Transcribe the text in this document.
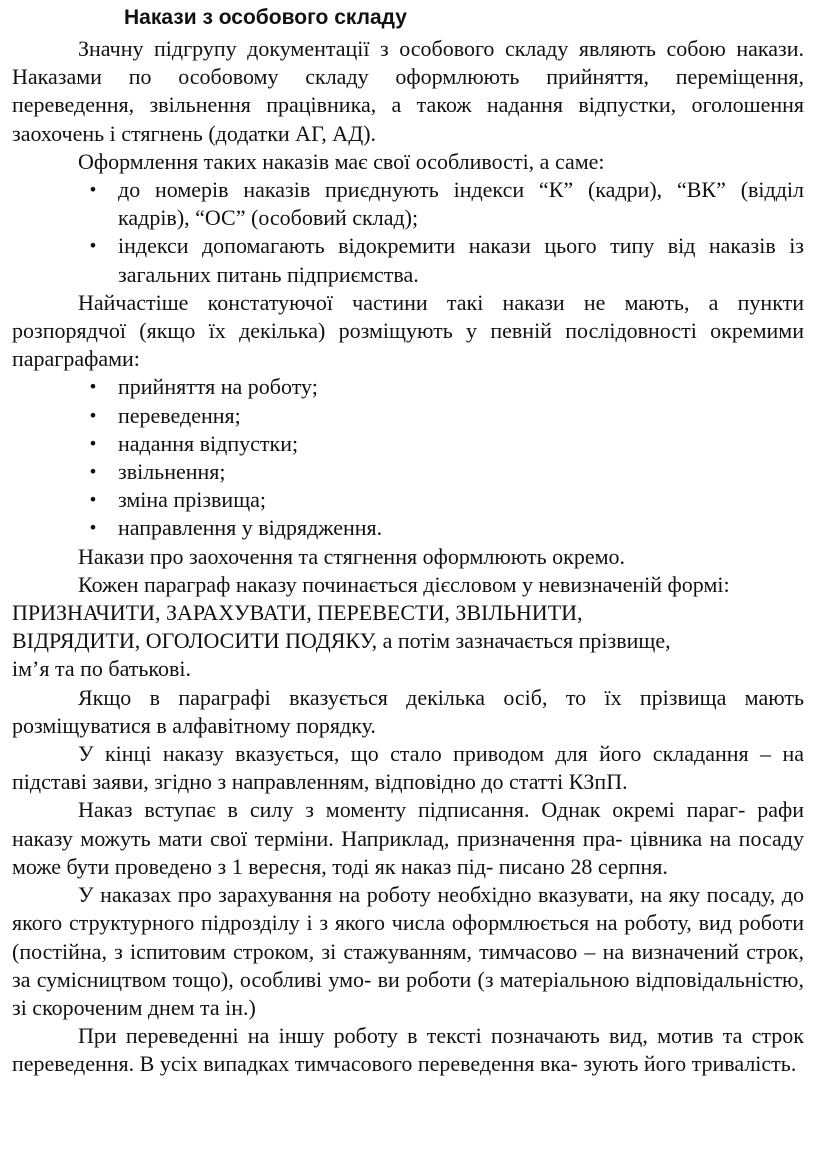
Накази з особового складу

Значну підгрупу документації з особового складу являють собою накази. Наказами по особовому складу оформлюють прийняття, переміщення, переведення, звільнення працівника, а також надання відпустки, оголошення заохочень і стягнень (додатки АГ, АД).

Оформлення таких наказів має свої особливості, а саме:

• до номерів наказів приєднують індекси “К” (кадри), “ВК” (відділ кадрів), “ОС” (особовий склад);
• індекси допомагають відокремити накази цього типу від наказів із загальних питань підприємства.

Найчастіше констатуючої частини такі накази не мають, а пункти розпорядчої (якщо їх декілька) розміщують у певній послідовності окремими параграфами:

• прийняття на роботу;
• переведення;
• надання відпустки;
• звільнення;
• зміна прізвища;
• направлення у відрядження.

Накази про заохочення та стягнення оформлюють окремо.

Кожен параграф наказу починається дієсловом у невизначеній формі:
ПРИЗНАЧИТИ, ЗАРАХУВАТИ, ПЕРЕВЕСТИ, ЗВІЛЬНИТИ,
ВІДРЯДИТИ, ОГОЛОСИТИ ПОДЯКУ, а потім зазначається прізвище,
ім’я та по батькові.

Якщо в параграфі вказується декілька осіб, то їх прізвища мають розміщуватися в алфавітному порядку.

У кінці наказу вказується, що стало приводом для його складання – на підставі заяви, згідно з направленням, відповідно до статті КЗпП.

Наказ вступає в силу з моменту підписання. Однак окремі параг- рафи наказу можуть мати свої терміни. Наприклад, призначення пра- цівника на посаду може бути проведено з 1 вересня, тоді як наказ під- писано 28 серпня.

У наказах про зарахування на роботу необхідно вказувати, на яку посаду, до якого структурного підрозділу і з якого числа оформлюється на роботу, вид роботи (постійна, з іспитовим строком, зі стажуванням, тимчасово – на визначений строк, за сумісництвом тощо), особливі умо- ви роботи (з матеріальною відповідальністю, зі скороченим днем та ін.)

При переведенні на іншу роботу в тексті позначають вид, мотив та строк переведення. В усіх випадках тимчасового переведення вка- зують його тривалість.
